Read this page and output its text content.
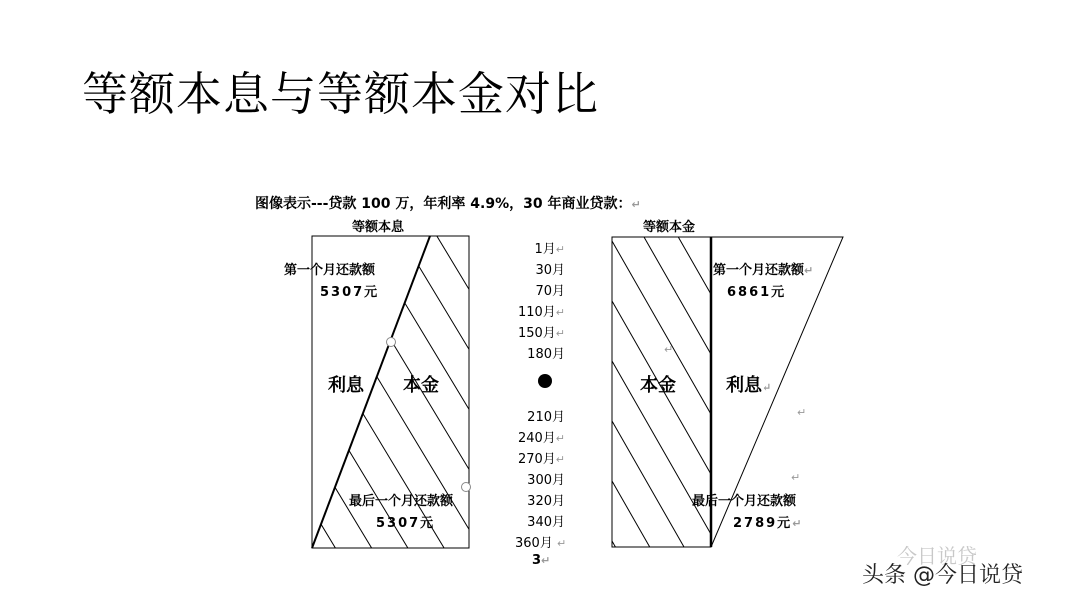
等额本息与等额本金对比
图像表示---贷款 100 万，年利率 4.9%，30 年商业贷款：↵
等额本息
第一个月还款额
5307元
利息 本金
最后一个月还款额
5307元
等额本金
第一个月还款额↵
6861元
本金	利息↵
最后一个月还款额
2789元↵
1月↵
30月
70月
110月↵
150月↵
180月
210月
240月↵
270月↵
300月
320月
340月
360月 ↵
3↵
↵
↵
↵
今日说贷
头条 @今日说贷
